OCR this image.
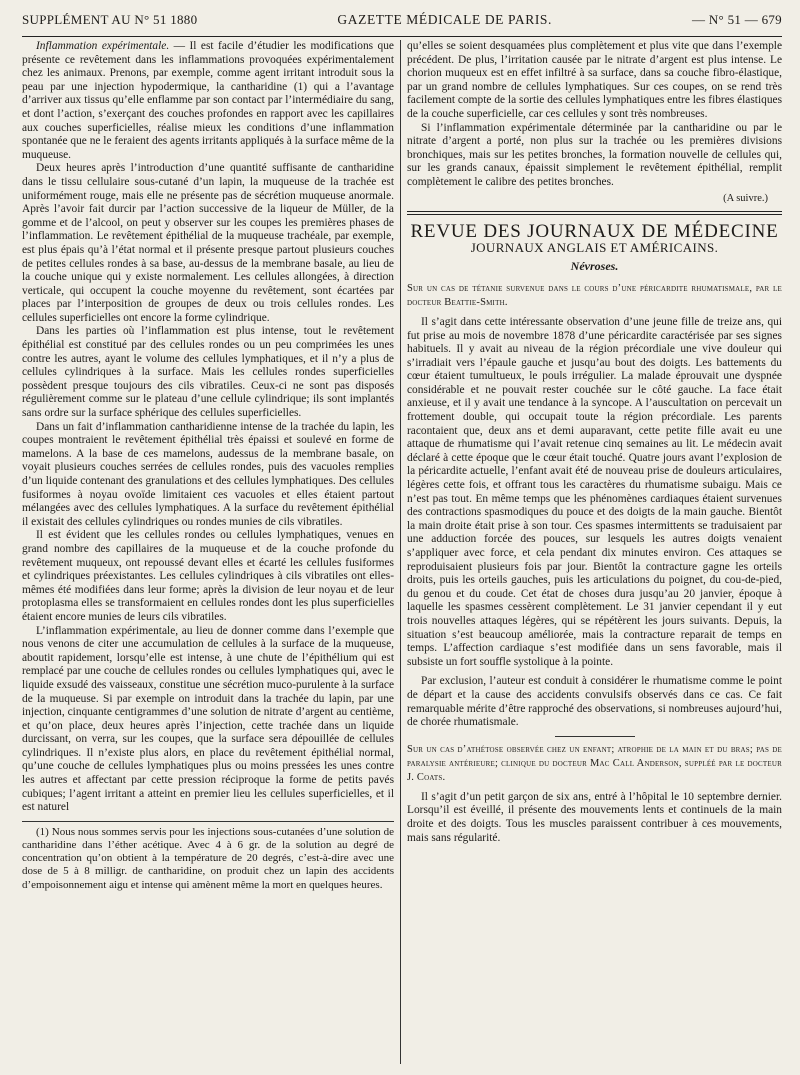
SUPPLÉMENT AU N° 51 1880	GAZETTE MÉDICALE DE PARIS.	— N° 51 — 679

Inflammation expérimentale. — Il est facile d’étudier les modifications que présente ce revêtement dans les inflammations provoquées expérimentalement chez les animaux. Prenons, par exemple, comme agent irritant introduit sous la peau par une injection hypodermique, la cantharidine (1) qui a l’avantage d’arriver aux tissus qu’elle enflamme par son contact par l’intermédiaire du sang, et dont l’action, s’exerçant des couches profondes en rapport avec les capillaires aux couches superficielles, réalise mieux les conditions d’une inflammation spontanée que ne le feraient des agents irritants appliqués à la surface même de la muqueuse.

Deux heures après l’introduction d’une quantité suffisante de cantharidine dans le tissu cellulaire sous-cutané d’un lapin, la muqueuse de la trachée est uniformément rouge, mais elle ne présente pas de sécrétion muqueuse anormale. Après l’avoir fait durcir par l’action successive de la liqueur de Müller, de la gomme et de l’alcool, on peut y observer sur les coupes les premières phases de l’inflammation. Le revêtement épithélial de la muqueuse trachéale, par exemple, est plus épais qu’à l’état normal et il présente presque partout plusieurs couches de petites cellules rondes à sa base, au-dessus de la membrane basale, au lieu de la couche unique qui y existe normalement. Les cellules allongées, à direction verticale, qui occupent la couche moyenne du revêtement, sont écartées par places par l’interposition de groupes de deux ou trois cellules rondes. Les cellules superficielles ont encore la forme cylindrique.

Dans les parties où l’inflammation est plus intense, tout le revêtement épithélial est constitué par des cellules rondes ou un peu comprimées les unes contre les autres, ayant le volume des cellules lymphatiques, et il n’y a plus de cellules cylindriques à la surface. Mais les cellules rondes superficielles possèdent presque toujours des cils vibratiles. Ceux-ci ne sont pas disposés régulièrement comme sur le plateau d’une cellule cylindrique; ils sont implantés sans ordre sur la surface sphérique des cellules superficielles.

Dans un fait d’inflammation cantharidienne intense de la trachée du lapin, les coupes montraient le revêtement épithélial très épaissi et soulevé en forme de mamelons. A la base de ces mamelons, audessus de la membrane basale, on voyait plusieurs couches serrées de cellules rondes, puis des vacuoles remplies d’un liquide contenant des granulations et des cellules lymphatiques. Des cellules fusiformes à noyau ovoïde limitaient ces vacuoles et elles étaient partout mélangées avec des cellules lymphatiques. A la surface du revêtement épithélial il existait des cellules cylindriques ou rondes munies de cils vibratiles.

Il est évident que les cellules rondes ou cellules lymphatiques, venues en grand nombre des capillaires de la muqueuse et de la couche profonde du revêtement muqueux, ont repoussé devant elles et écarté les cellules fusiformes et cylindriques préexistantes. Les cellules cylindriques à cils vibratiles ont elles-mêmes été modifiées dans leur forme; après la division de leur noyau et de leur protoplasma elles se transformaient en cellules rondes dont les plus superficielles étaient encore munies de leurs cils vibratiles.

L’inflammation expérimentale, au lieu de donner comme dans l’exemple que nous venons de citer une accumulation de cellules à la surface de la muqueuse, aboutit rapidement, lorsqu’elle est intense, à une chute de l’épithélium qui est remplacé par une couche de cellules rondes ou cellules lymphatiques qui, avec le liquide exsudé des vaisseaux, constitue une sécrétion muco-purulente à la surface de la muqueuse. Si par exemple on introduit dans la trachée du lapin, par une injection, cinquante centigrammes d’une solution de nitrate d’argent au centième, et qu’on place, deux heures après l’injection, cette trachée dans un liquide durcissant, on verra, sur les coupes, que la surface sera dépouillée de cellules cylindriques. Il n’existe plus alors, en place du revêtement épithélial normal, qu’une couche de cellules lymphatiques plus ou moins pressées les unes contre les autres et affectant par cette pression réciproque la forme de petits pavés cubiques; l’agent irritant a atteint en premier lieu les cellules superficielles, et il est naturel

(1) Nous nous sommes servis pour les injections sous-cutanées d’une solution de cantharidine dans l’éther acétique. Avec 4 à 6 gr. de la solution au degré de concentration qu’on obtient à la température de 20 degrés, c’est-à-dire avec une dose de 5 à 8 milligr. de cantharidine, on produit chez un lapin des accidents d’empoisonnement aigu et intense qui amènent même la mort en quelques heures.

qu’elles se soient desquamées plus complètement et plus vite que dans l’exemple précédent. De plus, l’irritation causée par le nitrate d’argent est plus intense. Le chorion muqueux est en effet infiltré à sa surface, dans sa couche fibro-élastique, par un grand nombre de cellules lymphatiques. Sur ces coupes, on se rend très facilement compte de la sortie des cellules lymphatiques entre les fibres élastiques de la couche superficielle, car ces cellules y sont très nombreuses.

Si l’inflammation expérimentale déterminée par la cantharidine ou par le nitrate d’argent a porté, non plus sur la trachée ou les premières divisions bronchiques, mais sur les petites bronches, la formation nouvelle de cellules qui, sur les grands canaux, épaissit simplement le revêtement épithélial, remplit complètement le calibre des petites bronches.

(A suivre.)
REVUE DES JOURNAUX DE MÉDECINE
JOURNAUX ANGLAIS ET AMÉRICAINS.
Névroses.

Sur un cas de tétanie survenue dans le cours d’une péricardite rhumatismale, par le docteur Beattie-Smith.

Il s’agit dans cette intéressante observation d’une jeune fille de treize ans, qui fut prise au mois de novembre 1878 d’une péricardite caractérisée par ses signes habituels. Il y avait au niveau de la région précordiale une vive douleur qui s’irradiait vers l’épaule gauche et jusqu’au bout des doigts. Les battements du cœur étaient tumultueux, le pouls irrégulier. La malade éprouvait une dyspnée considérable et ne pouvait rester couchée sur le côté gauche. La face était anxieuse, et il y avait une tendance à la syncope. A l’auscultation on percevait un frottement double, qui occupait toute la région précordiale. Les parents racontaient que, deux ans et demi auparavant, cette petite fille avait eu une attaque de rhumatisme qui l’avait retenue cinq semaines au lit. Le médecin avait déclaré à cette époque que le cœur était touché. Quatre jours avant l’explosion de la péricardite actuelle, l’enfant avait été de nouveau prise de douleurs articulaires, légères cette fois, et offrant tous les caractères du rhumatisme subaigu. Mais ce n’est pas tout. En même temps que les phénomènes cardiaques étaient survenues des contractions spasmodiques du pouce et des doigts de la main gauche. Bientôt la main droite était prise à son tour. Ces spasmes intermittents se traduisaient par une adduction forcée des pouces, sur lesquels les autres doigts venaient s’appliquer avec force, et cela pendant dix minutes environ. Ces attaques se reproduisaient plusieurs fois par jour. Bientôt la contracture gagne les orteils droits, puis les orteils gauches, puis les articulations du poignet, du cou-de-pied, du genou et du coude. Cet état de choses dura jusqu’au 20 janvier, époque à laquelle les spasmes cessèrent complètement. Le 31 janvier cependant il y eut trois nouvelles attaques légères, qui se répétèrent les jours suivants. Depuis, la situation s’est beaucoup améliorée, mais la contracture reparait de temps en temps. L’affection cardiaque s’est modifiée dans un sens favorable, mais il subsiste un fort souffle systolique à la pointe.

Par exclusion, l’auteur est conduit à considérer le rhumatisme comme le point de départ et la cause des accidents convulsifs observés dans ce cas. Ce fait remarquable mérite d’être rapproché des observations, si nombreuses aujourd’hui, de chorée rhumatismale.

Sur un cas d’athétose observée chez un enfant; atrophie de la main et du bras; pas de paralysie antérieure; clinique du docteur Mac Call Anderson, suppléé par le docteur J. Coats.

Il s’agit d’un petit garçon de six ans, entré à l’hôpital le 10 septembre dernier. Lorsqu’il est éveillé, il présente des mouvements lents et continuels de la main droite et des doigts. Tous les muscles paraissent contribuer à ces mouvements, mais sans régularité.
